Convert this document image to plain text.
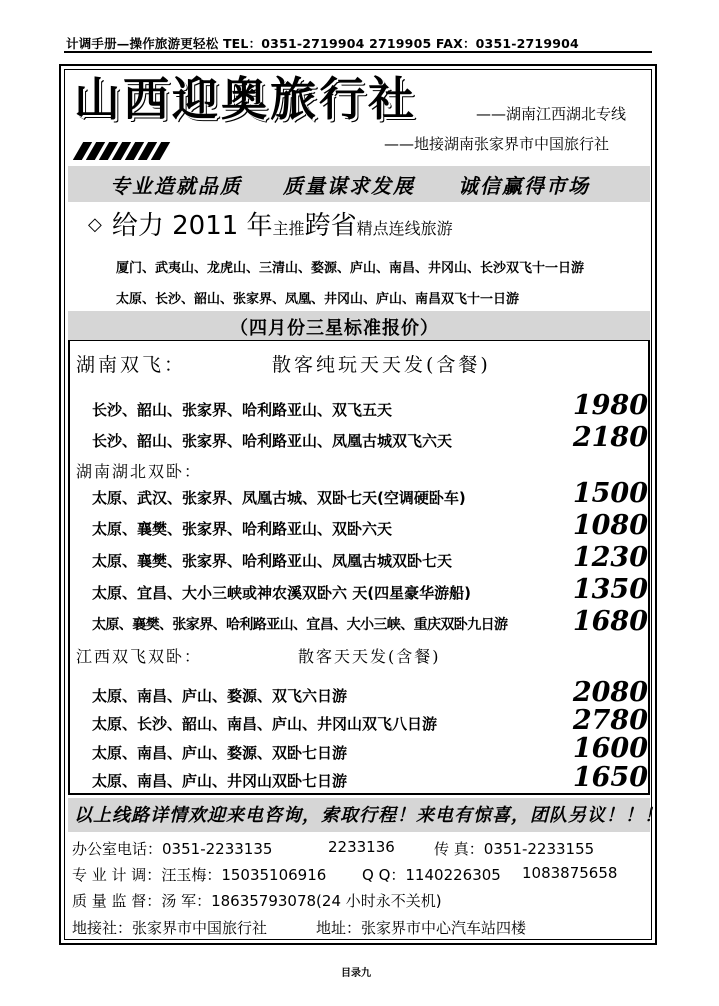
计调手册—操作旅游更轻松 TEL：0351-2719904 2719905 FAX：0351-2719904
山西迎奥旅行社	——湖南江西湖北专线
——地接湖南张家界市中国旅行社
专业造就品质 质量谋求发展 诚信赢得市场
◇ 给力 2011 年主推跨省精点连线旅游
厦门、武夷山、龙虎山、三清山、婺源、庐山、南昌、井冈山、长沙双飞十一日游
太原、长沙、韶山、张家界、凤凰、井冈山、庐山、南昌双飞十一日游
（四月份三星标准报价）
湖南双飞：	散客纯玩天天发(含餐)
长沙、韶山、张家界、哈利路亚山、双飞五天	1980
长沙、韶山、张家界、哈利路亚山、凤凰古城双飞六天	2180
湖南湖北双卧：
太原、武汉、张家界、凤凰古城、双卧七天(空调硬卧车)	1500
太原、襄樊、张家界、哈利路亚山、双卧六天	1080
太原、襄樊、张家界、哈利路亚山、凤凰古城双卧七天	1230
太原、宜昌、大小三峡或神农溪双卧六 天(四星豪华游船)	1350
太原、襄樊、张家界、哈利路亚山、宜昌、大小三峡、重庆双卧九日游 1680
江西双飞双卧：	散客天天发(含餐)
太原、南昌、庐山、婺源、双飞六日游	2080
太原、长沙、韶山、南昌、庐山、井冈山双飞八日游	2780
太原、南昌、庐山、婺源、双卧七日游	1600
太原、南昌、庐山、井冈山双卧七日游	1650
以上线路详情欢迎来电咨询，索取行程！来电有惊喜，团队另议！！！
办公室电话：0351-2233135	2233136	传 真：0351-2233155
专 业 计 调：汪玉梅：15035106916 Q Q：1140226305 1083875658
质 量 监 督：汤 军：18635793078(24 小时永不关机)
地接社：张家界市中国旅行社	地址：张家界市中心汽车站四楼
目录九
